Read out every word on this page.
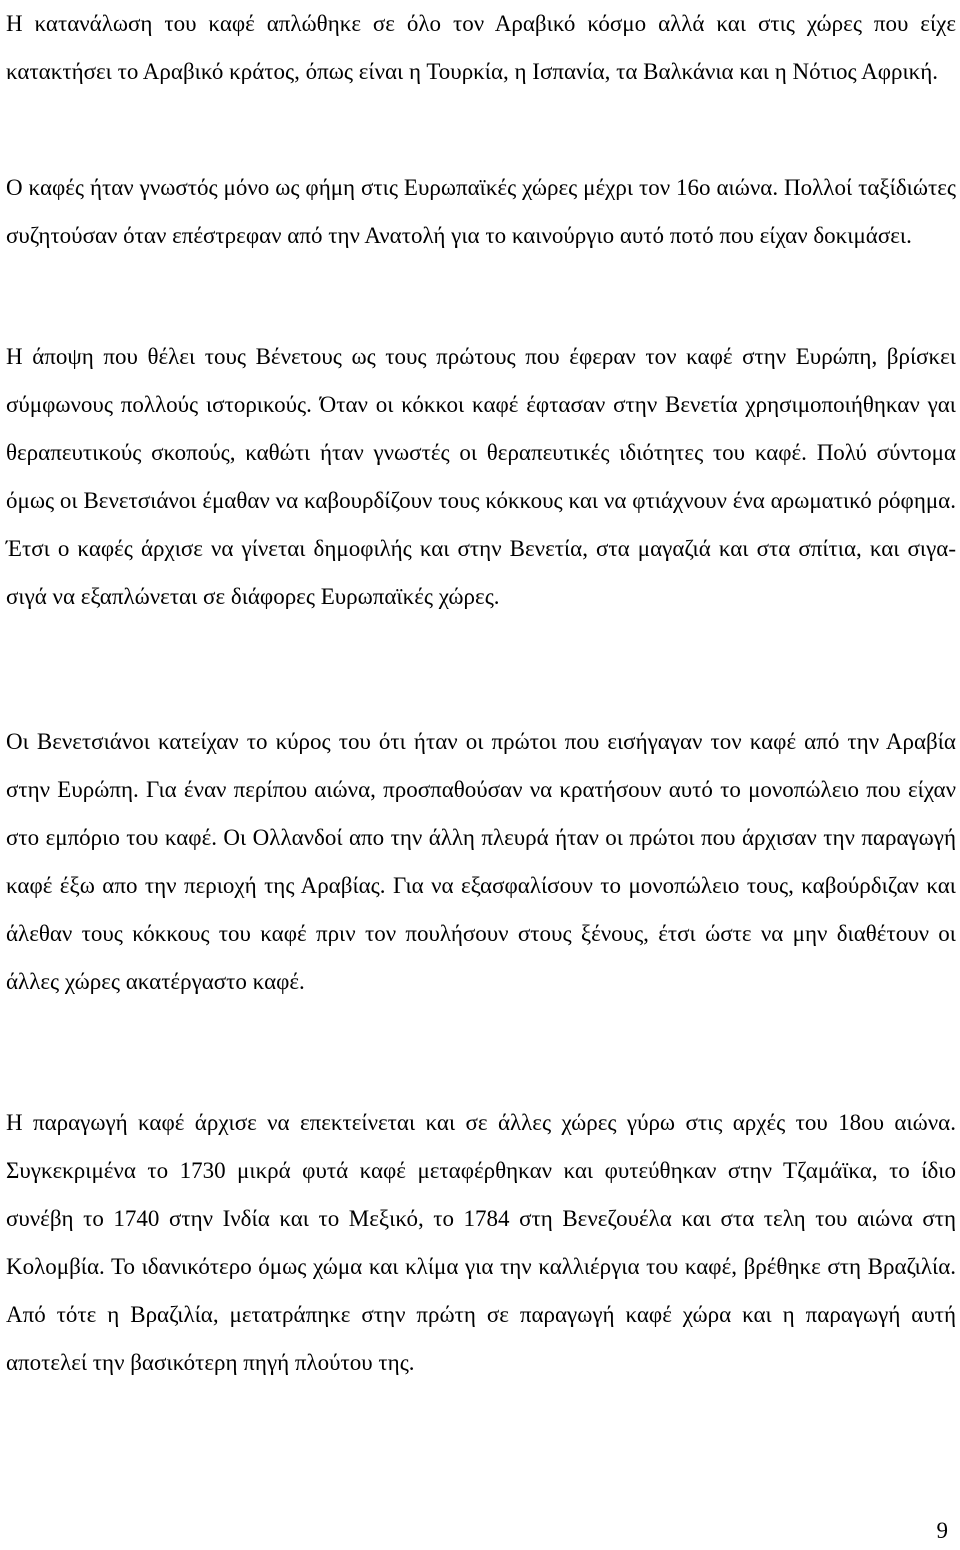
Η κατανάλωση του καφέ απλώθηκε σε όλο τον Αραβικό κόσμο αλλά και στις χώρες που είχε κατακτήσει το Αραβικό κράτος, όπως είναι η Τουρκία, η Ισπανία, τα Βαλκάνια και η Νότιος Αφρική.

Ο καφές ήταν γνωστός μόνο ως φήμη στις Ευρωπαϊκές χώρες μέχρι τον 16ο αιώνα. Πολλοί ταξίδιώτες συζητούσαν όταν επέστρεφαν από την Ανατολή για το καινούργιο αυτό ποτό που είχαν δοκιμάσει.

Η άποψη που θέλει τους Βένετους ως τους πρώτους που έφεραν τον καφέ στην Ευρώπη, βρίσκει σύμφωνους πολλούς ιστορικούς. Όταν οι κόκκοι καφέ έφτασαν στην Βενετία χρησιμοποιήθηκαν γαι θεραπευτικούς σκοπούς, καθώτι ήταν γνωστές οι θεραπευτικές ιδιότητες του καφέ. Πολύ σύντομα όμως οι Βενετσιάνοι έμαθαν να καβουρδίζουν τους κόκκους και να φτιάχνουν ένα αρωματικό ρόφημα. Έτσι ο καφές άρχισε να γίνεται δημοφιλής και στην Βενετία, στα μαγαζιά και στα σπίτια, και σιγα-σιγά να εξαπλώνεται σε διάφορες Ευρωπαϊκές χώρες.

Οι Βενετσιάνοι κατείχαν το κύρος του ότι ήταν οι πρώτοι που εισήγαγαν τον καφέ από την Αραβία στην Ευρώπη. Για έναν περίπου αιώνα, προσπαθούσαν να κρατήσουν αυτό το μονοπώλειο που είχαν στο εμπόριο του καφέ. Οι Ολλανδοί απο την άλλη πλευρά ήταν οι πρώτοι που άρχισαν την παραγωγή καφέ έξω απο την περιοχή της Αραβίας. Για να εξασφαλίσουν το μονοπώλειο τους, καβούρδιζαν και άλεθαν τους κόκκους του καφέ πριν τον πουλήσουν στους ξένους, έτσι ώστε να μην διαθέτουν οι άλλες χώρες ακατέργαστο καφέ.

Η παραγωγή καφέ άρχισε να επεκτείνεται και σε άλλες χώρες γύρω στις αρχές του 18ου αιώνα. Συγκεκριμένα το 1730 μικρά φυτά καφέ μεταφέρθηκαν και φυτεύθηκαν στην Τζαμάϊκα, το ίδιο συνέβη το 1740 στην Ινδία και το Μεξικό, το 1784 στη Βενεζουέλα και στα τελη του αιώνα στη Κολομβία. Το ιδανικότερο όμως χώμα και κλίμα για την καλλιέργια του καφέ, βρέθηκε στη Βραζιλία. Από τότε η Βραζιλία, μετατράπηκε στην πρώτη σε παραγωγή καφέ χώρα και η παραγωγή αυτή αποτελεί την βασικότερη πηγή πλούτου της.

9
